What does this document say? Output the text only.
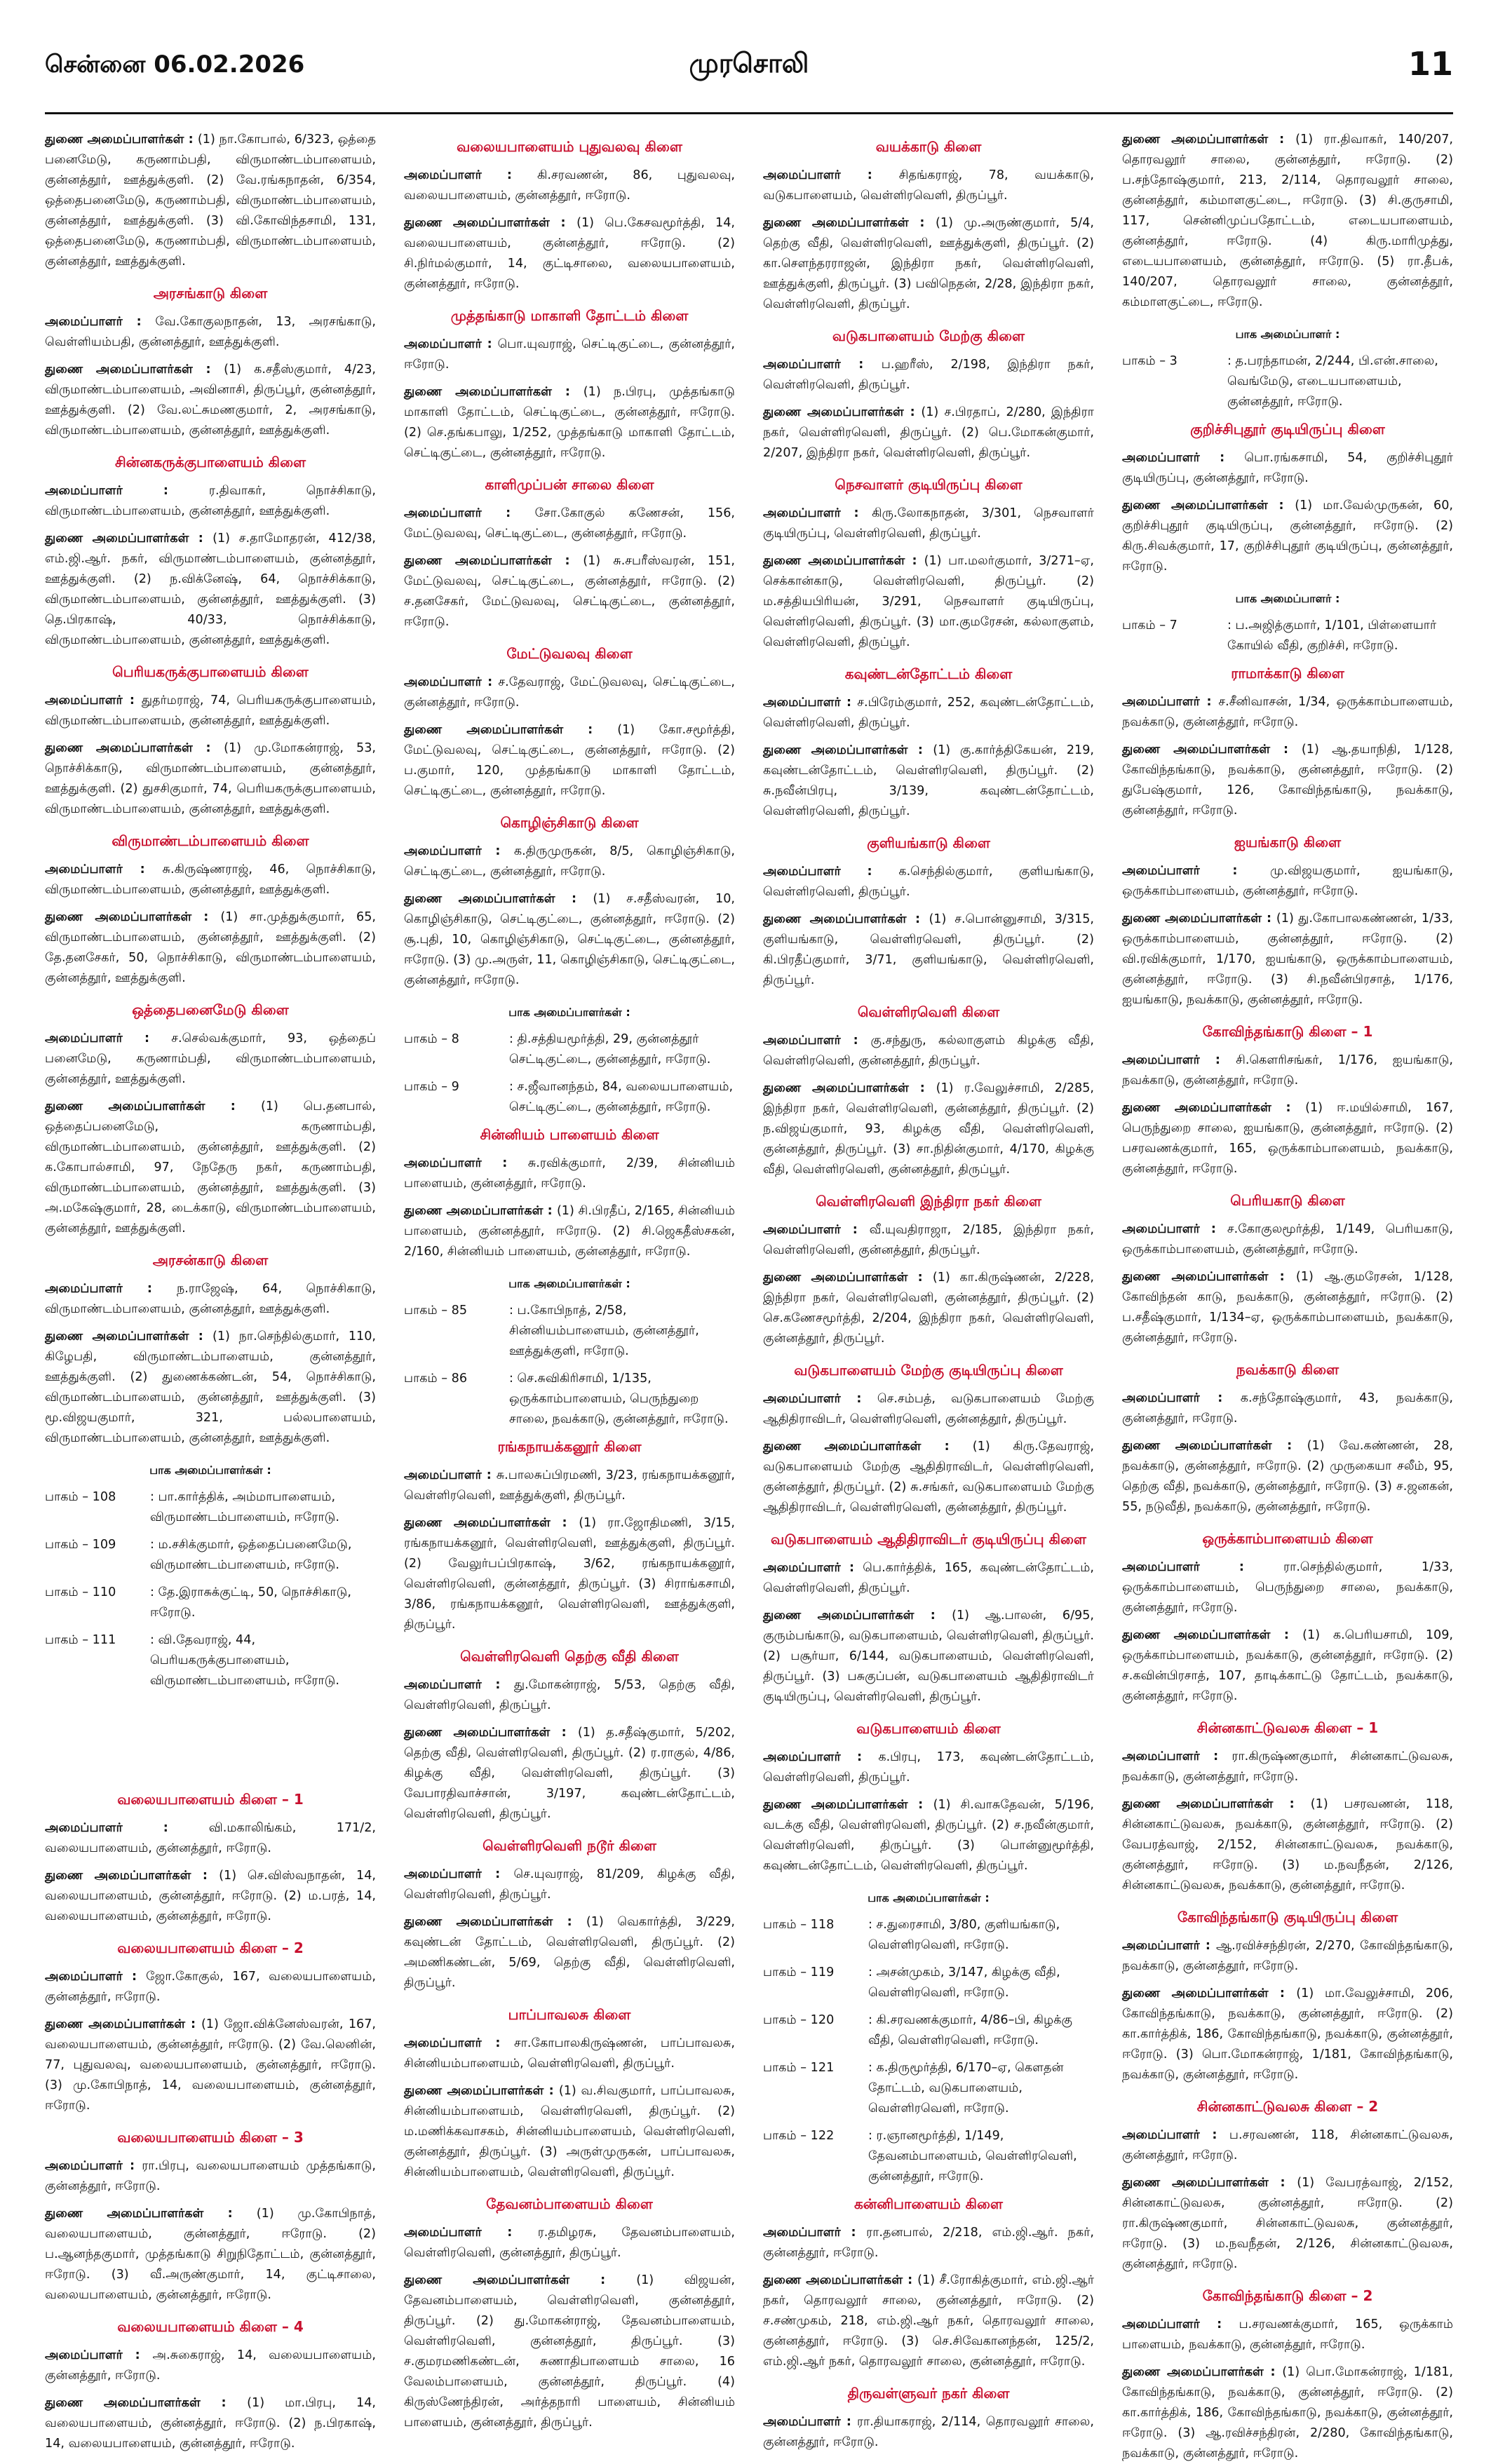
சென்னை 06.02.2026	முரசொலி	11

துணை அமைப்பாளர்கள் : (1) நா.கோபால், 6/323, ஒத்தை பனைமேடு, கருணாம்பதி, விருமாண்டம்பாளையம், குன்னத்தூர், ஊத்துக்குளி. (2) வே.ரங்கநாதன், 6/354, ஒத்தைபனைமேடு, கருணாம்பதி, விருமாண்டம்பாளையம், குன்னத்தூர், ஊத்துக்குளி. (3) வி.கோவிந்தசாமி, 131, ஒத்தைபனைமேடு, கருணாம்பதி, விருமாண்டம்பாளையம், குன்னத்தூர், ஊத்துக்குளி.

அரசங்காடு கிளை

அமைப்பாளர் : வே.கோகுலநாதன், 13, அரசங்காடு, வெள்ளியம்பதி, குன்னத்தூர், ஊத்துக்குளி.

துணை அமைப்பாளர்கள் : (1) க.சதீஸ்குமார், 4/23, விருமாண்டம்பாளையம், அவினாசி, திருப்பூர், குன்னத்தூர், ஊத்துக்குளி. (2) வே.லட்சுமணகுமார், 2, அரசங்காடு, விருமாண்டம்பாளையம், குன்னத்தூர், ஊத்துக்குளி.

சின்னகருக்குபாளையம் கிளை

அமைப்பாளர் : ர.திவாகர், நொச்சிகாடு, விருமாண்டம்பாளையம், குன்னத்தூர், ஊத்துக்குளி.

துணை அமைப்பாளர்கள் : (1) ச.தாமோதரன், 412/38, எம்.ஜி.ஆர். நகர், விருமாண்டம்பாளையம், குன்னத்தூர், ஊத்துக்குளி. (2) ந.விக்னேஷ், 64, நொச்சிக்காடு, விருமாண்டம்பாளையம், குன்னத்தூர், ஊத்துக்குளி. (3) தெ.பிரகாஷ், 40/33, நொச்சிக்காடு, விருமாண்டம்பாளையம், குன்னத்தூர், ஊத்துக்குளி.

பெரியகருக்குபாளையம் கிளை

அமைப்பாளர் : துதர்மராஜ், 74, பெரியகருக்குபாளையம், விருமாண்டம்பாளையம், குன்னத்தூர், ஊத்துக்குளி.

துணை அமைப்பாளர்கள் : (1) மு.மோகன்ராஜ், 53, நொச்சிக்காடு, விருமாண்டம்பாளையம், குன்னத்தூர், ஊத்துக்குளி. (2) துசசிகுமார், 74, பெரியகருக்குபாளையம், விருமாண்டம்பாளையம், குன்னத்தூர், ஊத்துக்குளி.

விருமாண்டம்பாளையம் கிளை

அமைப்பாளர் : சு.கிருஷ்ணராஜ், 46, நொச்சிகாடு, விருமாண்டம்பாளையம், குன்னத்தூர், ஊத்துக்குளி.

துணை அமைப்பாளர்கள் : (1) சா.முத்துக்குமார், 65, விருமாண்டம்பாளையம், குன்னத்தூர், ஊத்துக்குளி. (2) தே.தனசேகர், 50, நொச்சிகாடு, விருமாண்டம்பாளையம், குன்னத்தூர், ஊத்துக்குளி.

ஒத்தைபனைமேடு கிளை

அமைப்பாளர் : ச.செல்வக்குமார், 93, ஒத்தைப் பனைமேடு, கருணாம்பதி, விருமாண்டம்பாளையம், குன்னத்தூர், ஊத்துக்குளி.

துணை அமைப்பாளர்கள் : (1) பெ.தனபால், ஒத்தைப்பனைமேடு, கருணாம்பதி, விருமாண்டம்பாளையம், குன்னத்தூர், ஊத்துக்குளி. (2) க.கோபால்சாமி, 97, நேதேரு நகர், கருணாம்பதி, விருமாண்டம்பாளையம், குன்னத்தூர், ஊத்துக்குளி. (3) அ.மகேஷ்குமார், 28, டைக்காடு, விருமாண்டம்பாளையம், குன்னத்தூர், ஊத்துக்குளி.

அரசன்காடு கிளை

அமைப்பாளர் : ந.ராஜேஷ், 64, நொச்சிகாடு, விருமாண்டம்பாளையம், குன்னத்தூர், ஊத்துக்குளி.

துணை அமைப்பாளர்கள் : (1) நா.செந்தில்குமார், 110, கிழேபதி, விருமாண்டம்பாளையம், குன்னத்தூர், ஊத்துக்குளி. (2) துணைக்கண்டன், 54, நொச்சிகாடு, விருமாண்டம்பாளையம், குன்னத்தூர், ஊத்துக்குளி. (3) மூ.விஜயகுமார், 321, பல்லபாளையம், விருமாண்டம்பாளையம், குன்னத்தூர், ஊத்துக்குளி.

பாக அமைப்பாளர்கள் :
பாகம் – 108	: பா.கார்த்திக், அம்மாபாளையம், விருமாண்டம்பாளையம், ஈரோடு.
பாகம் – 109	: ம.சசிக்குமார், ஒத்தைப்பனைமேடு, விருமாண்டம்பாளையம், ஈரோடு.
பாகம் – 110	: தே.இராசுக்குட்டி, 50, நொச்சிகாடு, ஈரோடு.
பாகம் – 111	: வி.தேவராஜ், 44, பெரியகருக்குபாளையம், விருமாண்டம்பாளையம், ஈரோடு.
வலையபாளையம் கிளை – 1

அமைப்பாளர் : வி.மகாலிங்கம், 171/2, வலையபாளையம், குன்னத்தூர், ஈரோடு.

துணை அமைப்பாளர்கள் : (1) செ.விஸ்வநாதன், 14, வலையபாளையம், குன்னத்தூர், ஈரோடு. (2) ம.பரத், 14, வலையபாளையம், குன்னத்தூர், ஈரோடு.

வலையபாளையம் கிளை – 2

அமைப்பாளர் : ஜோ.கோகுல், 167, வலையபாளையம், குன்னத்தூர், ஈரோடு.

துணை அமைப்பாளர்கள் : (1) ஜோ.விக்னேஸ்வரன், 167, வலையபாளையம், குன்னத்தூர், ஈரோடு. (2) வே.லெனின், 77, புதுவலவு, வலையபாளையம், குன்னத்தூர், ஈரோடு. (3) மு.கோபிநாத், 14, வலையபாளையம், குன்னத்தூர், ஈரோடு.

வலையபாளையம் கிளை – 3

அமைப்பாளர் : ரா.பிரபு, வலையபாளையம் முத்தங்காடு, குன்னத்தூர், ஈரோடு.

துணை அமைப்பாளர்கள் : (1) மு.கோபிநாத், வலையபாளையம், குன்னத்தூர், ஈரோடு. (2) ப.ஆனந்தகுமார், முத்தங்காடு சிறுநிதோட்டம், குன்னத்தூர், ஈரோடு. (3) வீ.அருண்குமார், 14, குட்டிசாலை, வலையபாளையம், குன்னத்தூர், ஈரோடு.

வலையபாளையம் கிளை – 4

அமைப்பாளர் : அ.சுகைராஜ், 14, வலையபாளையம், குன்னத்தூர், ஈரோடு.

துணை அமைப்பாளர்கள் : (1) மா.பிரபு, 14, வலையபாளையம், குன்னத்தூர், ஈரோடு. (2) ந.பிரகாஷ், 14, வலையபாளையம், குன்னத்தூர், ஈரோடு.

வலையபாளையம் புதுவலவு கிளை

அமைப்பாளர் : கி.சரவணன், 86, புதுவலவு, வலையபாளையம், குன்னத்தூர், ஈரோடு.

துணை அமைப்பாளர்கள் : (1) பெ.கேசவமூர்த்தி, 14, வலையபாளையம், குன்னத்தூர், ஈரோடு. (2) சி.நிர்மல்குமார், 14, குட்டிசாலை, வலையபாளையம், குன்னத்தூர், ஈரோடு.

முத்தங்காடு மாகாளி தோட்டம் கிளை

அமைப்பாளர் : பொ.யுவராஜ், செட்டிகுட்டை, குன்னத்தூர், ஈரோடு.

துணை அமைப்பாளர்கள் : (1) ந.பிரபு, முத்தங்காடு மாகாளி தோட்டம், செட்டிகுட்டை, குன்னத்தூர், ஈரோடு. (2) செ.தங்கபாலு, 1/252, முத்தங்காடு மாகாளி தோட்டம், செட்டிகுட்டை, குன்னத்தூர், ஈரோடு.

காளிமுப்பன் சாலை கிளை

அமைப்பாளர் : சோ.கோகுல் கணேசன், 156, மேட்டுவலவு, செட்டிகுட்டை, குன்னத்தூர், ஈரோடு.

துணை அமைப்பாளர்கள் : (1) சு.சபரீஸ்வரன், 151, மேட்டுவலவு, செட்டிகுட்டை, குன்னத்தூர், ஈரோடு. (2) ச.தனசேகர், மேட்டுவலவு, செட்டிகுட்டை, குன்னத்தூர், ஈரோடு.

மேட்டுவலவு கிளை

அமைப்பாளர் : ச.தேவராஜ், மேட்டுவலவு, செட்டிகுட்டை, குன்னத்தூர், ஈரோடு.

துணை அமைப்பாளர்கள் : (1) கோ.சமூர்த்தி, மேட்டுவலவு, செட்டிகுட்டை, குன்னத்தூர், ஈரோடு. (2) ப.குமார், 120, முத்தங்காடு மாகாளி தோட்டம், செட்டிகுட்டை, குன்னத்தூர், ஈரோடு.

கொழிஞ்சிகாடு கிளை

அமைப்பாளர் : க.திருமுருகன், 8/5, கொழிஞ்சிகாடு, செட்டிகுட்டை, குன்னத்தூர், ஈரோடு.

துணை அமைப்பாளர்கள் : (1) ச.சதீஸ்வரன், 10, கொழிஞ்சிகாடு, செட்டிகுட்டை, குன்னத்தூர், ஈரோடு. (2) சூ.புதி, 10, கொழிஞ்சிகாடு, செட்டிகுட்டை, குன்னத்தூர், ஈரோடு. (3) மு.அருள், 11, கொழிஞ்சிகாடு, செட்டிகுட்டை, குன்னத்தூர், ஈரோடு.

பாக அமைப்பாளர்கள் :
பாகம் – 8	: தி.சத்தியமூர்த்தி, 29, குன்னத்தூர் செட்டிகுட்டை, குன்னத்தூர், ஈரோடு.
பாகம் – 9	: ச.ஜீவானந்தம், 84, வலையபாளையம், செட்டிகுட்டை, குன்னத்தூர், ஈரோடு.
சின்னியம் பாளையம் கிளை

அமைப்பாளர் : சு.ரவிக்குமார், 2/39, சின்னியம் பாளையம், குன்னத்தூர், ஈரோடு.

துணை அமைப்பாளர்கள் : (1) சி.பிரதீப், 2/165, சின்னியம் பாளையம், குன்னத்தூர், ஈரோடு. (2) சி.ஜெகதீஸ்சகன், 2/160, சின்னியம் பாளையம், குன்னத்தூர், ஈரோடு.

பாக அமைப்பாளர்கள் :
பாகம் – 85	: ப.கோபிநாத், 2/58, சின்னியம்பாளையம், குன்னத்தூர், ஊத்துக்குளி, ஈரோடு.
பாகம் – 86	: செ.சுவிகிரிசாமி, 1/135, ஒருக்காம்பாளையம், பெருந்துறை சாலை, நவக்காடு, குன்னத்தூர், ஈரோடு.
ரங்கநாயக்கனூர் கிளை

அமைப்பாளர் : சு.பாலசுப்பிரமணி, 3/23, ரங்கநாயக்கனூர், வெள்ளிரவெளி, ஊத்துக்குளி, திருப்பூர்.

துணை அமைப்பாளர்கள் : (1) ரா.ஜோதிமணி, 3/15, ரங்கநாயக்கனூர், வெள்ளிரவெளி, ஊத்துக்குளி, திருப்பூர். (2) வேலுர்பப்பிரகாஷ், 3/62, ரங்கநாயக்கனூர், வெள்ளிரவெளி, குன்னத்தூர், திருப்பூர். (3) சிராங்கசாமி, 3/86, ரங்கநாயக்கனூர், வெள்ளிரவெளி, ஊத்துக்குளி, திருப்பூர்.

வெள்ளிரவெளி தெற்கு வீதி கிளை

அமைப்பாளர் : து.மோகன்ராஜ், 5/53, தெற்கு வீதி, வெள்ளிரவெளி, திருப்பூர்.

துணை அமைப்பாளர்கள் : (1) த.சதீஷ்குமார், 5/202, தெற்கு வீதி, வெள்ளிரவெளி, திருப்பூர். (2) ர.ராகுல், 4/86, கிழக்கு வீதி, வெள்ளிரவெளி, திருப்பூர். (3) வேபாரதிவாச்சான், 3/197, கவுண்டன்தோட்டம், வெள்ளிரவெளி, திருப்பூர்.

வெள்ளிரவெளி நடூர் கிளை

அமைப்பாளர் : செ.யுவராஜ், 81/209, கிழக்கு வீதி, வெள்ளிரவெளி, திருப்பூர்.

துணை அமைப்பாளர்கள் : (1) வெகார்த்தி, 3/229, கவுண்டன் தோட்டம், வெள்ளிரவெளி, திருப்பூர். (2) அமணிகண்டன், 5/69, தெற்கு வீதி, வெள்ளிரவெளி, திருப்பூர்.

பாப்பாவலசு கிளை

அமைப்பாளர் : சா.கோபாலகிருஷ்ணன், பாப்பாவலசு, சின்னியம்பாளையம், வெள்ளிரவெளி, திருப்பூர்.

துணை அமைப்பாளர்கள் : (1) வ.சிவகுமார், பாப்பாவலசு, சின்னியம்பாளையம், வெள்ளிரவெளி, திருப்பூர். (2) ம.மணிக்கவாசகம், சின்னியம்பாளையம், வெள்ளிரவெளி, குன்னத்தூர், திருப்பூர். (3) அருள்முருகன், பாப்பாவலசு, சின்னியம்பாளையம், வெள்ளிரவெளி, திருப்பூர்.

தேவனம்பாளையம் கிளை

அமைப்பாளர் : ர.தமிழரசு, தேவனம்பாளையம், வெள்ளிரவெளி, குன்னத்தூர், திருப்பூர்.

துணை அமைப்பாளர்கள் : (1) விஜயன், தேவனம்பாளையம், வெள்ளிரவெளி, குன்னத்தூர், திருப்பூர். (2) து.மோகன்ராஜ், தேவனம்பாளையம், வெள்ளிரவெளி, குன்னத்தூர், திருப்பூர். (3) ச.குமரமணிகண்டன், சுணாதிபாளையம் சாலை, 16 வேலம்பாளையம், குன்னத்தூர், திருப்பூர். (4) கிருஸ்ணேந்திரன், அர்த்தநாரி பாளையம், சின்னியம் பாளையம், குன்னத்தூர், திருப்பூர்.

வயக்காடு கிளை

அமைப்பாளர் : சிதங்கராஜ், 78, வயக்காடு, வடுகபாளையம், வெள்ளிரவெளி, திருப்பூர்.

துணை அமைப்பாளர்கள் : (1) மு.அருண்குமார், 5/4, தெற்கு வீதி, வெள்ளிரவெளி, ஊத்துக்குளி, திருப்பூர். (2) கா.சௌந்தரராஜன், இந்திரா நகர், வெள்ளிரவெளி, ஊத்துக்குளி, திருப்பூர். (3) பவிநெதன், 2/28, இந்திரா நகர், வெள்ளிரவெளி, திருப்பூர்.

வடுகபாளையம் மேற்கு கிளை

அமைப்பாளர் : ப.ஹரீஸ், 2/198, இந்திரா நகர், வெள்ளிரவெளி, திருப்பூர்.

துணை அமைப்பாளர்கள் : (1) ச.பிரதாப், 2/280, இந்திரா நகர், வெள்ளிரவெளி, திருப்பூர். (2) பெ.மோகன்குமார், 2/207, இந்திரா நகர், வெள்ளிரவெளி, திருப்பூர்.

நெசவாளர் குடியிருப்பு கிளை

அமைப்பாளர் : கிரு.லோகநாதன், 3/301, நெசவாளர் குடியிருப்பு, வெள்ளிரவெளி, திருப்பூர்.

துணை அமைப்பாளர்கள் : (1) பா.மலர்குமார், 3/271–ஏ, செக்கான்காடு, வெள்ளிரவெளி, திருப்பூர். (2) ம.சத்தியபிரியன், 3/291, நெசவாளர் குடியிருப்பு, வெள்ளிரவெளி, திருப்பூர். (3) மா.குமரேசன், கல்லாகுளம், வெள்ளிரவெளி, திருப்பூர்.

கவுண்டன்தோட்டம் கிளை

அமைப்பாளர் : ச.பிரேம்குமார், 252, கவுண்டன்தோட்டம், வெள்ளிரவெளி, திருப்பூர்.

துணை அமைப்பாளர்கள் : (1) கு.கார்த்திகேயன், 219, கவுண்டன்தோட்டம், வெள்ளிரவெளி, திருப்பூர். (2) சு.நவீன்பிரபு, 3/139, கவுண்டன்தோட்டம், வெள்ளிரவெளி, திருப்பூர்.

குளியங்காடு கிளை

அமைப்பாளர் : க.செந்தில்குமார், குளியங்காடு, வெள்ளிரவெளி, திருப்பூர்.

துணை அமைப்பாளர்கள் : (1) ச.பொன்னுசாமி, 3/315, குளியங்காடு, வெள்ளிரவெளி, திருப்பூர். (2) கி.பிரதீப்குமார், 3/71, குளியங்காடு, வெள்ளிரவெளி, திருப்பூர்.

வெள்ளிரவெளி கிளை

அமைப்பாளர் : கு.சந்துரு, கல்லாகுளம் கிழக்கு வீதி, வெள்ளிரவெளி, குன்னத்தூர், திருப்பூர்.

துணை அமைப்பாளர்கள் : (1) ர.வேலுச்சாமி, 2/285, இந்திரா நகர், வெள்ளிரவெளி, குன்னத்தூர், திருப்பூர். (2) ந.விஜய்குமார், 93, கிழக்கு வீதி, வெள்ளிரவெளி, குன்னத்தூர், திருப்பூர். (3) சா.நிதின்குமார், 4/170, கிழக்கு வீதி, வெள்ளிரவெளி, குன்னத்தூர், திருப்பூர்.

வெள்ளிரவெளி இந்திரா நகர் கிளை

அமைப்பாளர் : வீ.யுவதிராஜா, 2/185, இந்திரா நகர், வெள்ளிரவெளி, குன்னத்தூர், திருப்பூர்.

துணை அமைப்பாளர்கள் : (1) கா.கிருஷ்ணன், 2/228, இந்திரா நகர், வெள்ளிரவெளி, குன்னத்தூர், திருப்பூர். (2) செ.கணேசமூர்த்தி, 2/204, இந்திரா நகர், வெள்ளிரவெளி, குன்னத்தூர், திருப்பூர்.

வடுகபாளையம் மேற்கு குடியிருப்பு கிளை

அமைப்பாளர் : செ.சம்பத், வடுகபாளையம் மேற்கு ஆதிதிராவிடர், வெள்ளிரவெளி, குன்னத்தூர், திருப்பூர்.

துணை அமைப்பாளர்கள் : (1) கிரு.தேவராஜ், வடுகபாளையம் மேற்கு ஆதிதிராவிடர், வெள்ளிரவெளி, குன்னத்தூர், திருப்பூர். (2) சு.சங்கர், வடுகபாளையம் மேற்கு ஆதிதிராவிடர், வெள்ளிரவெளி, குன்னத்தூர், திருப்பூர்.

வடுகபாளையம் ஆதிதிராவிடர் குடியிருப்பு கிளை

அமைப்பாளர் : பெ.கார்த்திக், 165, கவுண்டன்தோட்டம், வெள்ளிரவெளி, திருப்பூர்.

துணை அமைப்பாளர்கள் : (1) ஆ.பாலன், 6/95, குரும்பங்காடு, வடுகபாளையம், வெள்ளிரவெளி, திருப்பூர். (2) பசூர்யா, 6/144, வடுகபாளையம், வெள்ளிரவெளி, திருப்பூர். (3) பசுகுப்பன், வடுகபாளையம் ஆதிதிராவிடர் குடியிருப்பு, வெள்ளிரவெளி, திருப்பூர்.

வடுகபாளையம் கிளை

அமைப்பாளர் : க.பிரபு, 173, கவுண்டன்தோட்டம், வெள்ளிரவெளி, திருப்பூர்.

துணை அமைப்பாளர்கள் : (1) சி.வாசுதேவன், 5/196, வடக்கு வீதி, வெள்ளிரவெளி, திருப்பூர். (2) ச.நவீன்குமார், வெள்ளிரவெளி, திருப்பூர். (3) பொன்னுமூர்த்தி, கவுண்டன்தோட்டம், வெள்ளிரவெளி, திருப்பூர்.

பாக அமைப்பாளர்கள் :
பாகம் – 118	: ச.துரைசாமி, 3/80, குளியங்காடு, வெள்ளிரவெளி, ஈரோடு.
பாகம் – 119	: அசன்முகம், 3/147, கிழக்கு வீதி, வெள்ளிரவெளி, ஈரோடு.
பாகம் – 120	: கி.சரவணக்குமார், 4/86–பி, கிழக்கு வீதி, வெள்ளிரவெளி, ஈரோடு.
பாகம் – 121	: க.திருமூர்த்தி, 6/170–ஏ, கௌதன் தோட்டம், வடுகபாளையம், வெள்ளிரவெளி, ஈரோடு.
பாகம் – 122	: ர.ஞானமூர்த்தி, 1/149, தேவனம்பாளையம், வெள்ளிரவெளி, குன்னத்தூர், ஈரோடு.
கன்னிபாளையம் கிளை

அமைப்பாளர் : ரா.தனபால், 2/218, எம்.ஜி.ஆர். நகர், குன்னத்தூர், ஈரோடு.

துணை அமைப்பாளர்கள் : (1) சீ.ரோகித்குமார், எம்.ஜி.ஆர் நகர், தொரவலூர் சாலை, குன்னத்தூர், ஈரோடு. (2) ச.சண்முகம், 218, எம்.ஜி.ஆர் நகர், தொரவலூர் சாலை, குன்னத்தூர், ஈரோடு. (3) செ.சிவேகானந்தன், 125/2, எம்.ஜி.ஆர் நகர், தொரவலூர் சாலை, குன்னத்தூர், ஈரோடு.

திருவள்ளுவர் நகர் கிளை

அமைப்பாளர் : ரா.தியாகராஜ், 2/114, தொரவலூர் சாலை, குன்னத்தூர், ஈரோடு.

துணை அமைப்பாளர்கள் : (1) ரா.திவாகர், 140/207, தொரவலூர் சாலை, குன்னத்தூர், ஈரோடு. (2) ப.சந்தோஷ்குமார், 213, 2/114, தொரவலூர் சாலை, குன்னத்தூர், கம்மாளகுட்டை, ஈரோடு. (3) சி.குருசாமி, 117, சென்னிமுப்பதோட்டம், எடையபாளையம், குன்னத்தூர், ஈரோடு. (4) கிரு.மாரிமுத்து, எடையபாளையம், குன்னத்தூர், ஈரோடு. (5) ரா.தீபக், 140/207, தொரவலூர் சாலை, குன்னத்தூர், கம்மாளகுட்டை, ஈரோடு.

பாக அமைப்பாளர் :
பாகம் – 3	: த.பரந்தாமன், 2/244, பி.என்.சாலை, வெங்மேடு, எடையபாளையம், குன்னத்தூர், ஈரோடு.
குறிச்சிபுதூர் குடியிருப்பு கிளை

அமைப்பாளர் : பொ.ரங்கசாமி, 54, குறிச்சிபுதூர் குடியிருப்பு, குன்னத்தூர், ஈரோடு.

துணை அமைப்பாளர்கள் : (1) மா.வேல்முருகன், 60, குறிச்சிபுதூர் குடியிருப்பு, குன்னத்தூர், ஈரோடு. (2) கிரு.சிவக்குமார், 17, குறிச்சிபுதூர் குடியிருப்பு, குன்னத்தூர், ஈரோடு.

பாக அமைப்பாளர் :
பாகம் – 7	: ப.அஜித்குமார், 1/101, பிள்ளையார் கோயில் வீதி, குறிச்சி, ஈரோடு.
ராமாக்காடு கிளை

அமைப்பாளர் : ச.சீனிவாசன், 1/34, ஒருக்காம்பாளையம், நவக்காடு, குன்னத்தூர், ஈரோடு.

துணை அமைப்பாளர்கள் : (1) ஆ.தயாநிதி, 1/128, கோவிந்தங்காடு, நவக்காடு, குன்னத்தூர், ஈரோடு. (2) துபேஷ்குமார், 126, கோவிந்தங்காடு, நவக்காடு, குன்னத்தூர், ஈரோடு.

ஐயங்காடு கிளை

அமைப்பாளர் : மு.விஜயகுமார், ஐயங்காடு, ஒருக்காம்பாளையம், குன்னத்தூர், ஈரோடு.

துணை அமைப்பாளர்கள் : (1) து.கோபாலகண்ணன், 1/33, ஒருக்காம்பாளையம், குன்னத்தூர், ஈரோடு. (2) வி.ரவிக்குமார், 1/170, ஐயங்காடு, ஒருக்காம்பாளையம், குன்னத்தூர், ஈரோடு. (3) சி.நவீன்பிரசாத், 1/176, ஐயங்காடு, நவக்காடு, குன்னத்தூர், ஈரோடு.

கோவிந்தங்காடு கிளை – 1

அமைப்பாளர் : சி.கௌரிசங்கர், 1/176, ஐயங்காடு, நவக்காடு, குன்னத்தூர், ஈரோடு.

துணை அமைப்பாளர்கள் : (1) ஈ.மயில்சாமி, 167, பெருந்துறை சாலை, ஐயங்காடு, குன்னத்தூர், ஈரோடு. (2) பசரவணக்குமார், 165, ஒருக்காம்பாளையம், நவக்காடு, குன்னத்தூர், ஈரோடு.

பெரியகாடு கிளை

அமைப்பாளர் : ச.கோகுலமூர்த்தி, 1/149, பெரியகாடு, ஒருக்காம்பாளையம், குன்னத்தூர், ஈரோடு.

துணை அமைப்பாளர்கள் : (1) ஆ.குமரேசன், 1/128, கோவிந்தன் காடு, நவக்காடு, குன்னத்தூர், ஈரோடு. (2) ப.சதீஷ்குமார், 1/134–ஏ, ஒருக்காம்பாளையம், நவக்காடு, குன்னத்தூர், ஈரோடு.

நவக்காடு கிளை

அமைப்பாளர் : க.சந்தோஷ்குமார், 43, நவக்காடு, குன்னத்தூர், ஈரோடு.

துணை அமைப்பாளர்கள் : (1) வே.கண்ணன், 28, நவக்காடு, குன்னத்தூர், ஈரோடு. (2) முருகையா சலீம், 95, தெற்கு வீதி, நவக்காடு, குன்னத்தூர், ஈரோடு. (3) ச.ஜனகன், 55, நடுவீதி, நவக்காடு, குன்னத்தூர், ஈரோடு.

ஒருக்காம்பாளையம் கிளை

அமைப்பாளர் : ரா.செந்தில்குமார், 1/33, ஒருக்காம்பாளையம், பெருந்துறை சாலை, நவக்காடு, குன்னத்தூர், ஈரோடு.

துணை அமைப்பாளர்கள் : (1) க.பெரியசாமி, 109, ஒருக்காம்பாளையம், நவக்காடு, குன்னத்தூர், ஈரோடு. (2) ச.கவின்பிரசாத், 107, தாடிக்காட்டு தோட்டம், நவக்காடு, குன்னத்தூர், ஈரோடு.

சின்னகாட்டுவலசு கிளை – 1

அமைப்பாளர் : ரா.கிருஷ்ணகுமார், சின்னகாட்டுவலசு, நவக்காடு, குன்னத்தூர், ஈரோடு.

துணை அமைப்பாளர்கள் : (1) பசரவணன், 118, சின்னகாட்டுவலசு, நவக்காடு, குன்னத்தூர், ஈரோடு. (2) வேபரத்வாஜ், 2/152, சின்னகாட்டுவலசு, நவக்காடு, குன்னத்தூர், ஈரோடு. (3) ம.நவநீதன், 2/126, சின்னகாட்டுவலசு, நவக்காடு, குன்னத்தூர், ஈரோடு.

கோவிந்தங்காடு குடியிருப்பு கிளை

அமைப்பாளர் : ஆ.ரவிச்சந்திரன், 2/270, கோவிந்தங்காடு, நவக்காடு, குன்னத்தூர், ஈரோடு.

துணை அமைப்பாளர்கள் : (1) மா.வேலுச்சாமி, 206, கோவிந்தங்காடு, நவக்காடு, குன்னத்தூர், ஈரோடு. (2) கா.கார்த்திக், 186, கோவிந்தங்காடு, நவக்காடு, குன்னத்தூர், ஈரோடு. (3) பொ.மோகன்ராஜ், 1/181, கோவிந்தங்காடு, நவக்காடு, குன்னத்தூர், ஈரோடு.

சின்னகாட்டுவலசு கிளை – 2

அமைப்பாளர் : ப.சரவணன், 118, சின்னகாட்டுவலசு, குன்னத்தூர், ஈரோடு.

துணை அமைப்பாளர்கள் : (1) வேபரத்வாஜ், 2/152, சின்னகாட்டுவலசு, குன்னத்தூர், ஈரோடு. (2) ரா.கிருஷ்ணகுமார், சின்னகாட்டுவலசு, குன்னத்தூர், ஈரோடு. (3) ம.நவநீதன், 2/126, சின்னகாட்டுவலசு, குன்னத்தூர், ஈரோடு.

கோவிந்தங்காடு கிளை – 2

அமைப்பாளர் : ப.சரவணக்குமார், 165, ஒருக்காம் பாளையம், நவக்காடு, குன்னத்தூர், ஈரோடு.

துணை அமைப்பாளர்கள் : (1) பொ.மோகன்ராஜ், 1/181, கோவிந்தங்காடு, நவக்காடு, குன்னத்தூர், ஈரோடு. (2) கா.கார்த்திக், 186, கோவிந்தங்காடு, நவக்காடு, குன்னத்தூர், ஈரோடு. (3) ஆ.ரவிச்சந்திரன், 2/280, கோவிந்தங்காடு, நவக்காடு, குன்னத்தூர், ஈரோடு.
